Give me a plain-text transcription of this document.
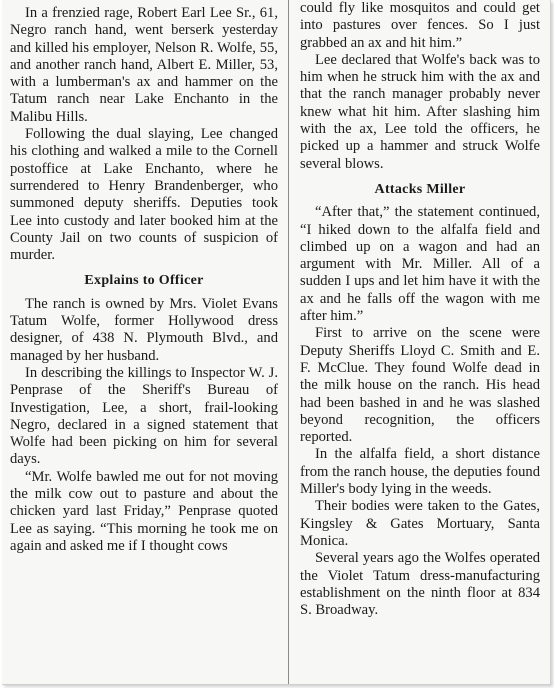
In a frenzied rage, Robert Earl Lee Sr., 61, Negro ranch hand, went berserk yesterday and killed his employer, Nelson R. Wolfe, 55, and another ranch hand, Albert E. Miller, 53, with a lumberman's ax and hammer on the Tatum ranch near Lake Enchanto in the Malibu Hills.

Following the dual slaying, Lee changed his clothing and walked a mile to the Cornell postoffice at Lake Enchanto, where he surrendered to Henry Brandenberger, who summoned deputy sheriffs. Deputies took Lee into custody and later booked him at the County Jail on two counts of suspicion of murder.

Explains to Officer

The ranch is owned by Mrs. Violet Evans Tatum Wolfe, former Hollywood dress designer, of 438 N. Plymouth Blvd., and managed by her husband.

In describing the killings to Inspector W. J. Penprase of the Sheriff's Bureau of Investigation, Lee, a short, frail-looking Negro, declared in a signed statement that Wolfe had been picking on him for several days.

“Mr. Wolfe bawled me out for not moving the milk cow out to pasture and about the chicken yard last Friday,” Penprase quoted Lee as saying. “This morning he took me on again and asked me if I thought cows

could fly like mosquitos and could get into pastures over fences. So I just grabbed an ax and hit him.”

Lee declared that Wolfe's back was to him when he struck him with the ax and that the ranch manager probably never knew what hit him. After slashing him with the ax, Lee told the officers, he picked up a hammer and struck Wolfe several blows.

Attacks Miller

“After that,” the statement continued, “I hiked down to the alfalfa field and climbed up on a wagon and had an argument with Mr. Miller. All of a sudden I ups and let him have it with the ax and he falls off the wagon with me after him.”

First to arrive on the scene were Deputy Sheriffs Lloyd C. Smith and E. F. McClue. They found Wolfe dead in the milk house on the ranch. His head had been bashed in and he was slashed beyond recognition, the officers reported.

In the alfalfa field, a short distance from the ranch house, the deputies found Miller's body lying in the weeds.

Their bodies were taken to the Gates, Kingsley & Gates Mortuary, Santa Monica.

Several years ago the Wolfes operated the Violet Tatum dress-manufacturing establishment on the ninth floor at 834 S. Broadway.
